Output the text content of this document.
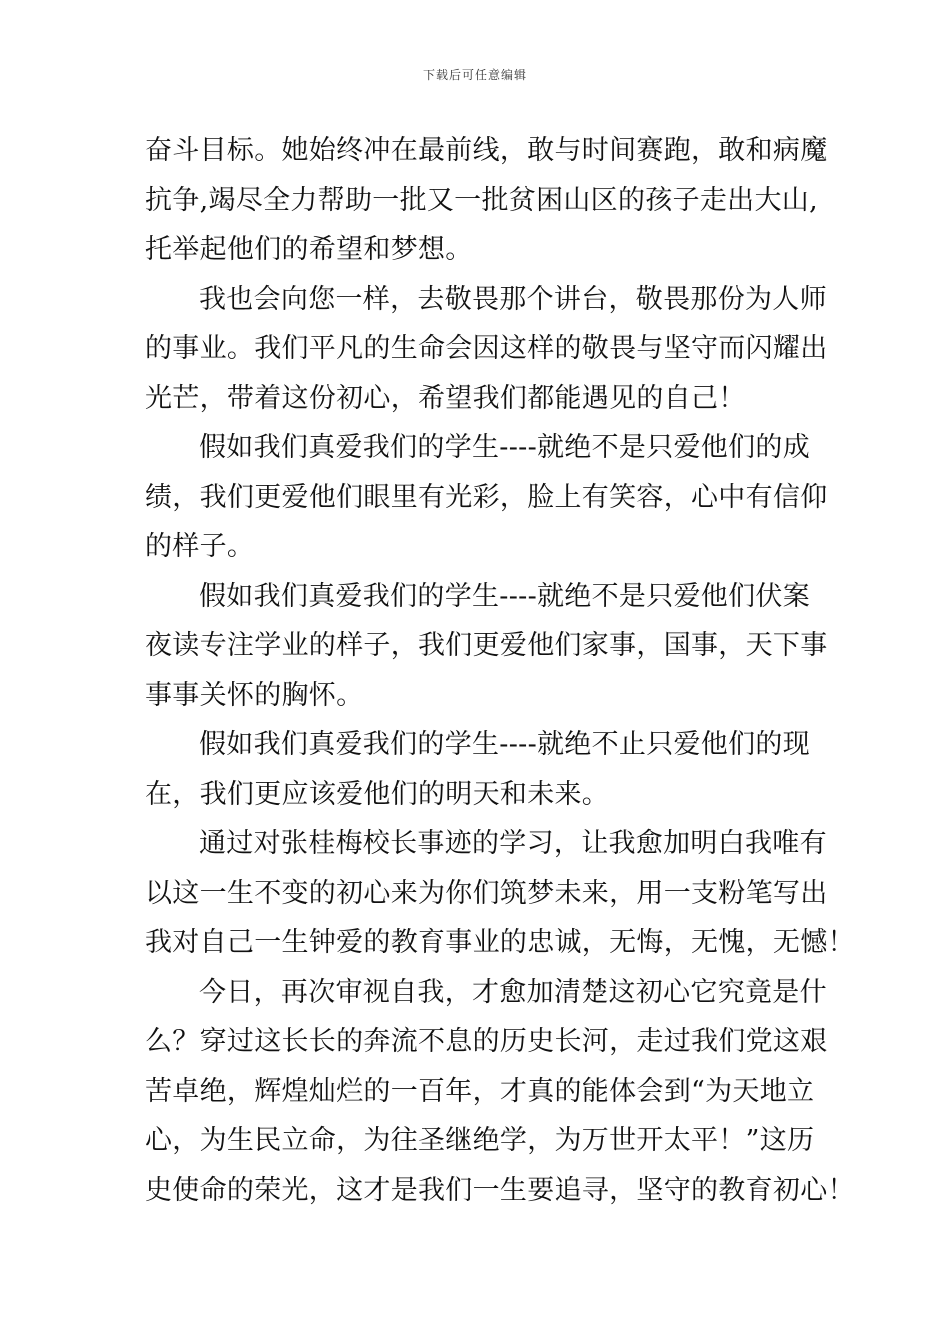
下载后可任意编辑

奋斗目标。她始终冲在最前线，敢与时间赛跑，敢和病魔
抗争,竭尽全力帮助一批又一批贫困山区的孩子走出大山,
托举起他们的希望和梦想。

我也会向您一样，去敬畏那个讲台，敬畏那份为人师
的事业。我们平凡的生命会因这样的敬畏与坚守而闪耀出
光芒，带着这份初心，希望我们都能遇见的自己！

假如我们真爱我们的学生----就绝不是只爱他们的成
绩，我们更爱他们眼里有光彩，脸上有笑容，心中有信仰
的样子。

假如我们真爱我们的学生----就绝不是只爱他们伏案
夜读专注学业的样子，我们更爱他们家事，国事，天下事
事事关怀的胸怀。

假如我们真爱我们的学生----就绝不止只爱他们的现
在，我们更应该爱他们的明天和未来。

通过对张桂梅校长事迹的学习，让我愈加明白我唯有
以这一生不变的初心来为你们筑梦未来，用一支粉笔写出
我对自己一生钟爱的教育事业的忠诚，无悔，无愧，无憾！

今日，再次审视自我，才愈加清楚这初心它究竟是什
么？穿过这长长的奔流不息的历史长河，走过我们党这艰
苦卓绝，辉煌灿烂的一百年，才真的能体会到“为天地立
心，为生民立命，为往圣继绝学，为万世开太平！”这历
史使命的荣光，这才是我们一生要追寻，坚守的教育初心！
